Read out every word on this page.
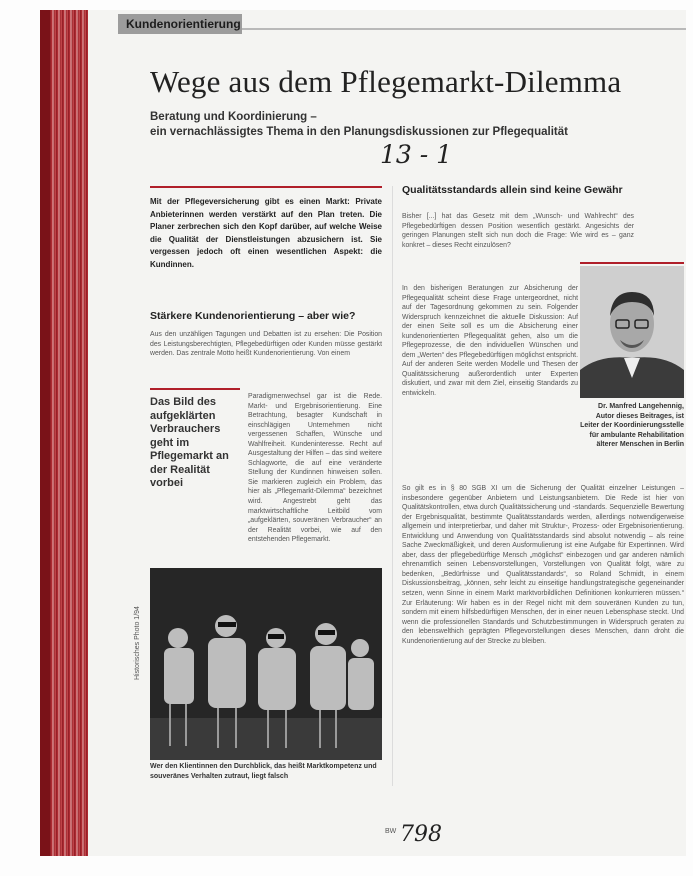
Kundenorientierung
Wege aus dem Pflegemarkt-Dilemma
Beratung und Koordinierung –
ein vernachlässigtes Thema in den Planungsdiskussionen zur Pflegequalität
13 - 1
Mit der Pflegeversicherung gibt es einen Markt: Private Anbieterinnen werden verstärkt auf den Plan treten. Die Planer zerbrechen sich den Kopf darüber, auf welche Weise die Qualität der Dienstleistungen abzusichern ist. Sie vergessen jedoch oft einen wesentlichen Aspekt: die Kundinnen.
Stärkere Kundenorientierung – aber wie?
Aus den unzähligen Tagungen und Debatten ist zu ersehen: Die Position des Leistungsberechtigten, Pflegebedürftigen oder Kunden müsse gestärkt werden. Das zentrale Motto heißt Kundenorientierung. Von einem
Das Bild des aufgeklärten Verbrauchers geht im Pflegemarkt an der Realität vorbei
Paradigmenwechsel gar ist die Rede. Markt- und Ergebnisorientierung. Eine Betrachtung, besagter Kundschaft in einschlägigen Unternehmen nicht vergessenen Schaffen, Wünsche und Wahlfreiheit. Kundeninteresse. Recht auf Ausgestaltung der Hilfen – das sind weitere Schlagworte, die auf eine veränderte Stellung der Kundinnen hinweisen sollen. Sie markieren zugleich ein Problem, das hier als „Pflegemarkt-Dilemma“ bezeichnet wird. Angestrebt geht das marktwirtschaftliche Leitbild vom „aufgeklärten, souveränen Verbraucher“ an der Realität vorbei, wie auf den entstehenden Pflegemarkt.
Historisches Photo 1/94
Wer den Klientinnen den Durchblick, das heißt Marktkompetenz und souveränes Verhalten zutraut, liegt falsch
Qualitätsstandards allein sind keine Gewähr
Bisher [...] hat das Gesetz mit dem „Wunsch- und Wahlrecht“ des Pflegebedürftigen dessen Position wesentlich gestärkt. Angesichts der geringen Planungen stellt sich nun doch die Frage: Wie wird es – ganz konkret – dieses Recht einzulösen?
In den bisherigen Beratungen zur Absicherung der Pflegequalität scheint diese Frage untergeordnet, nicht auf der Tagesordnung gekommen zu sein. Folgender Widerspruch kennzeichnet die aktuelle Diskussion: Auf der einen Seite soll es um die Absicherung einer kundenorientierten Pflegequalität gehen, also um die Pflegeprozesse, die den individuellen Wünschen und dem „Werten“ des Pflegebedürftigen möglichst entspricht. Auf der anderen Seite werden Modelle und Thesen der Qualitätssicherung außerordentlich unter Experten diskutiert, und zwar mit dem Ziel, einseitig Standards zu entwickeln.
Dr. Manfred Langehennig, Autor dieses Beitrages, ist Leiter der Koordinierungsstelle für ambulante Rehabilitation älterer Menschen in Berlin
So gilt es in § 80 SGB XI um die Sicherung der Qualität einzelner Leistungen – insbesondere gegenüber Anbietern und Leistungsanbietern. Die Rede ist hier von Qualitätskontrollen, etwa durch Qualitätssicherung und -standards. Sequenzielle Bewertung der Ergebnisqualität, bestimmte Qualitätsstandards werden, allerdings notwendigerweise allgemein und interpretierbar, und daher mit Struktur-, Prozess- oder Ergebnisorientierung. Entwicklung und Anwendung von Qualitätsstandards sind absolut notwendig – als reine Sache Zweckmäßigkeit, und deren Ausformulierung ist eine Aufgabe für Expertinnen. Wird aber, dass der pflegebedürftige Mensch „möglichst“ einbezogen und gar anderen nämlich ehrenamtlich seinen Lebensvorstellungen, Vorstellungen von Qualität folgt, wäre zu bedenken, „Bedürfnisse und Qualitätsstandards“, so Roland Schmidt, in einem Diskussionsbeitrag, „können, sehr leicht zu einseitige handlungstrategische gegeneinander setzen, wenn Sinne in einem Markt marktvorbildlichen Definitionen konkurrieren müssen.“ Zur Erläuterung: Wir haben es in der Regel nicht mit dem souveränen Kunden zu tun, sondern mit einem hilfsbedürftigen Menschen, der in einer neuen Lebensphase steckt. Und wenn die professionellen Standards und Schutzbestimmungen in Widerspruch geraten zu den lebenswelthich geprägten Pflegevorstellungen dieses Menschen, dann droht die Kundenorientierung auf der Strecke zu bleiben.
BW 798
